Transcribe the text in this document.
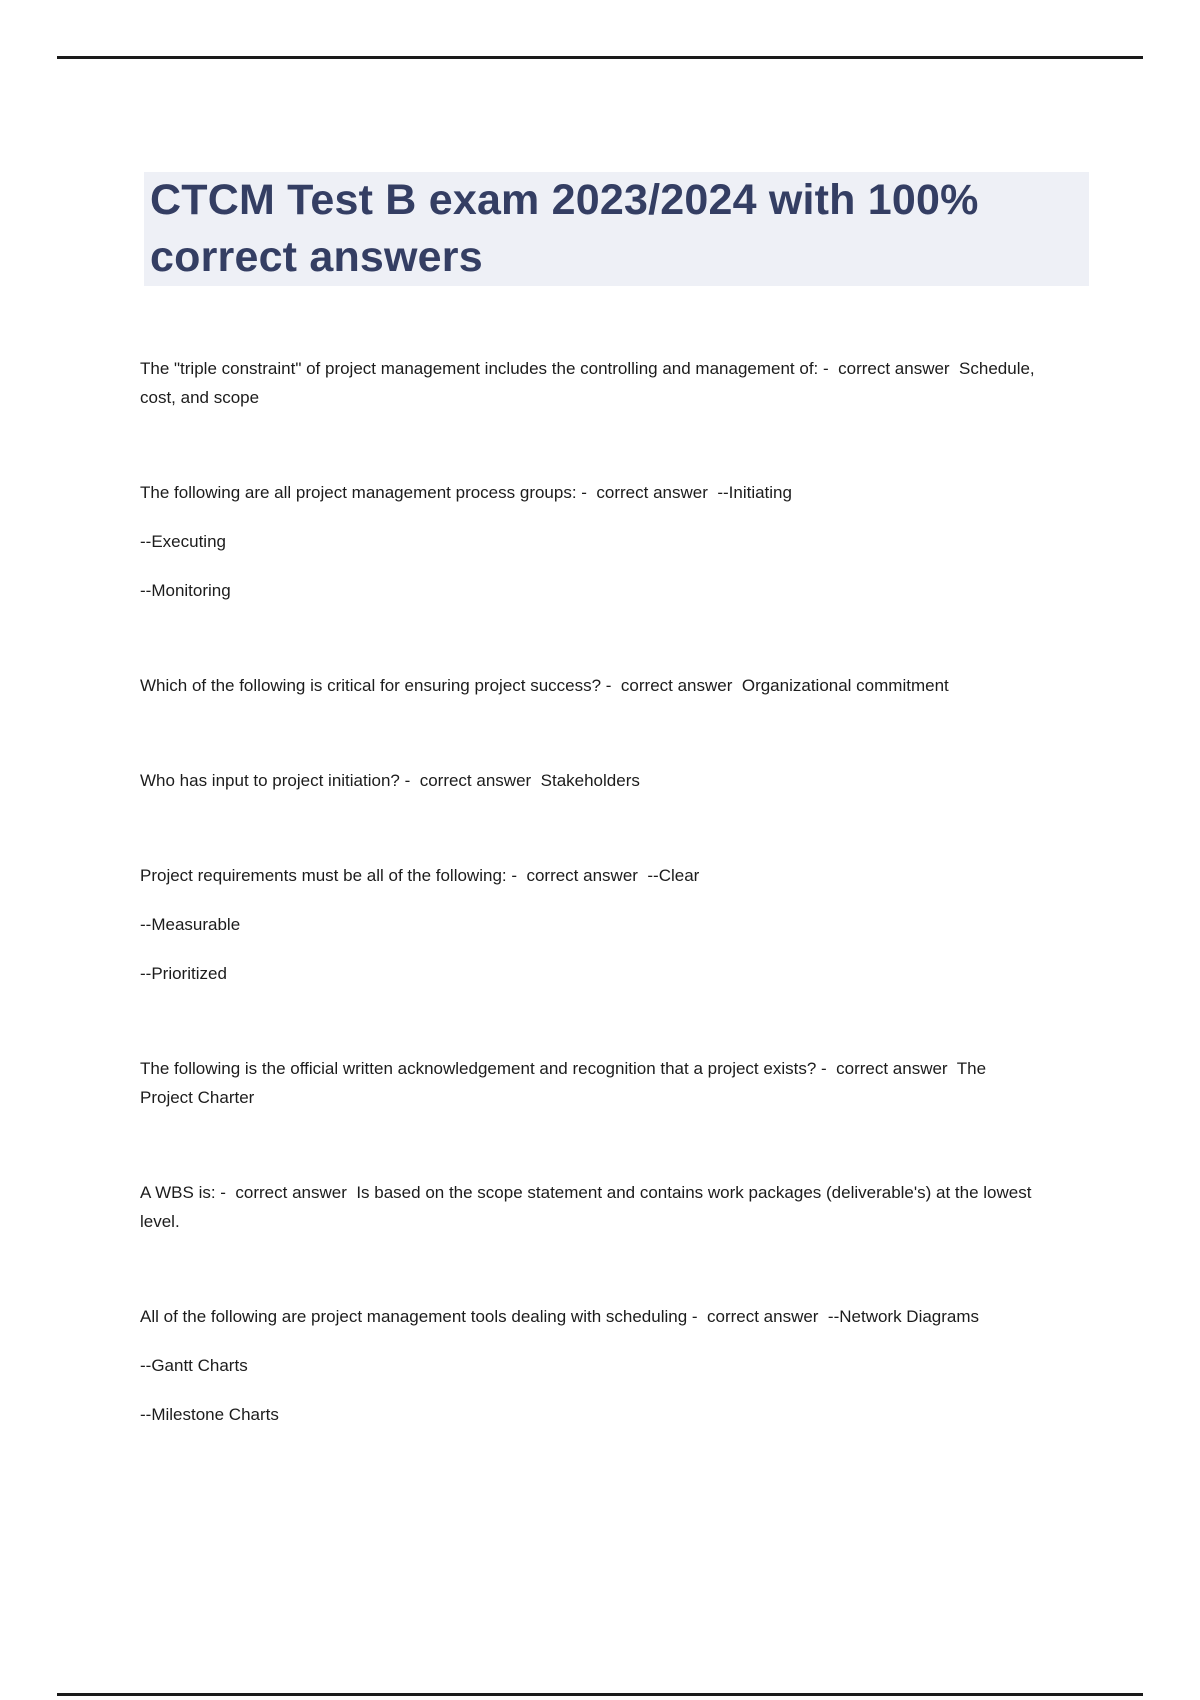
CTCM Test B exam 2023/2024 with 100%
correct answers

The "triple constraint" of project management includes the controlling and management of: -  correct answer  Schedule, cost, and scope

The following are all project management process groups: -  correct answer  --Initiating

--Executing

--Monitoring

Which of the following is critical for ensuring project success? -  correct answer  Organizational commitment

Who has input to project initiation? -  correct answer  Stakeholders

Project requirements must be all of the following: -  correct answer  --Clear

--Measurable

--Prioritized

The following is the official written acknowledgement and recognition that a project exists? -  correct answer  The Project Charter

A WBS is: -  correct answer  Is based on the scope statement and contains work packages (deliverable's) at the lowest level.

All of the following are project management tools dealing with scheduling -  correct answer  --Network Diagrams

--Gantt Charts

--Milestone Charts
